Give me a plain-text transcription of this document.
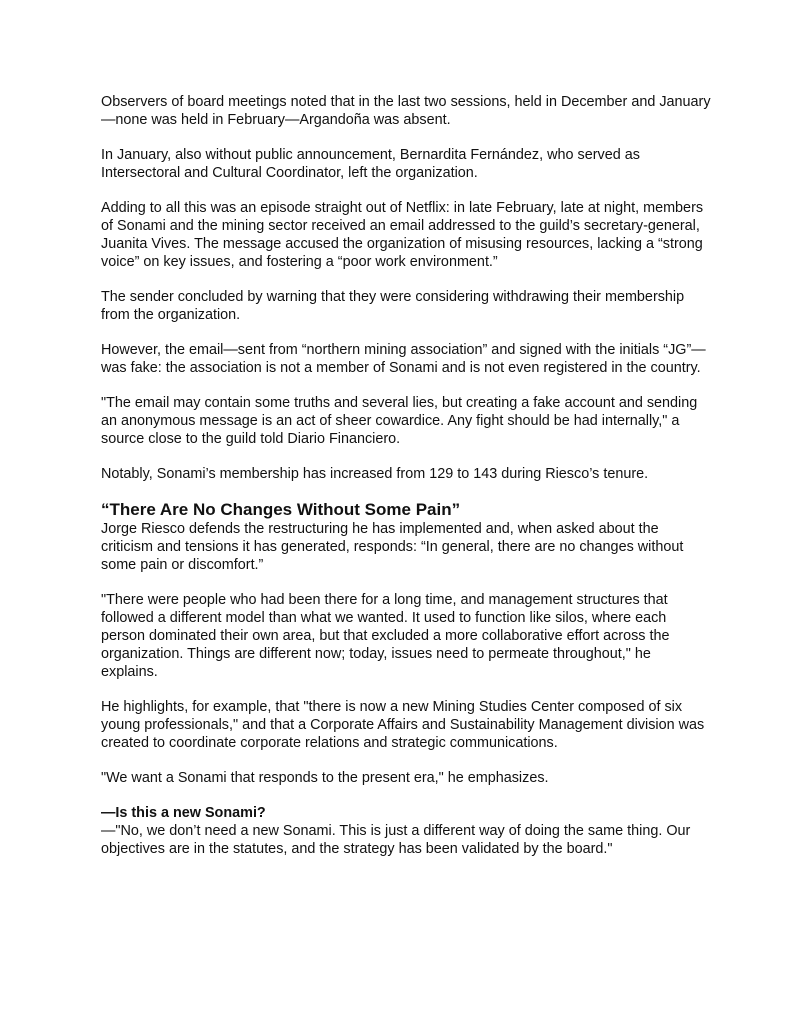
Observers of board meetings noted that in the last two sessions, held in December and January—none was held in February—Argandoña was absent.

In January, also without public announcement, Bernardita Fernández, who served as Intersectoral and Cultural Coordinator, left the organization.

Adding to all this was an episode straight out of Netflix: in late February, late at night, members of Sonami and the mining sector received an email addressed to the guild’s secretary-general, Juanita Vives. The message accused the organization of misusing resources, lacking a “strong voice” on key issues, and fostering a “poor work environment.”

The sender concluded by warning that they were considering withdrawing their membership from the organization.

However, the email—sent from “northern mining association” and signed with the initials “JG”—was fake: the association is not a member of Sonami and is not even registered in the country.

"The email may contain some truths and several lies, but creating a fake account and sending an anonymous message is an act of sheer cowardice. Any fight should be had internally," a source close to the guild told Diario Financiero.

Notably, Sonami’s membership has increased from 129 to 143 during Riesco’s tenure.

“There Are No Changes Without Some Pain”

Jorge Riesco defends the restructuring he has implemented and, when asked about the criticism and tensions it has generated, responds: “In general, there are no changes without some pain or discomfort.”

"There were people who had been there for a long time, and management structures that followed a different model than what we wanted. It used to function like silos, where each person dominated their own area, but that excluded a more collaborative effort across the organization. Things are different now; today, issues need to permeate throughout," he explains.

He highlights, for example, that "there is now a new Mining Studies Center composed of six young professionals," and that a Corporate Affairs and Sustainability Management division was created to coordinate corporate relations and strategic communications.

"We want a Sonami that responds to the present era," he emphasizes.

—Is this a new Sonami?

—"No, we don’t need a new Sonami. This is just a different way of doing the same thing. Our objectives are in the statutes, and the strategy has been validated by the board."
